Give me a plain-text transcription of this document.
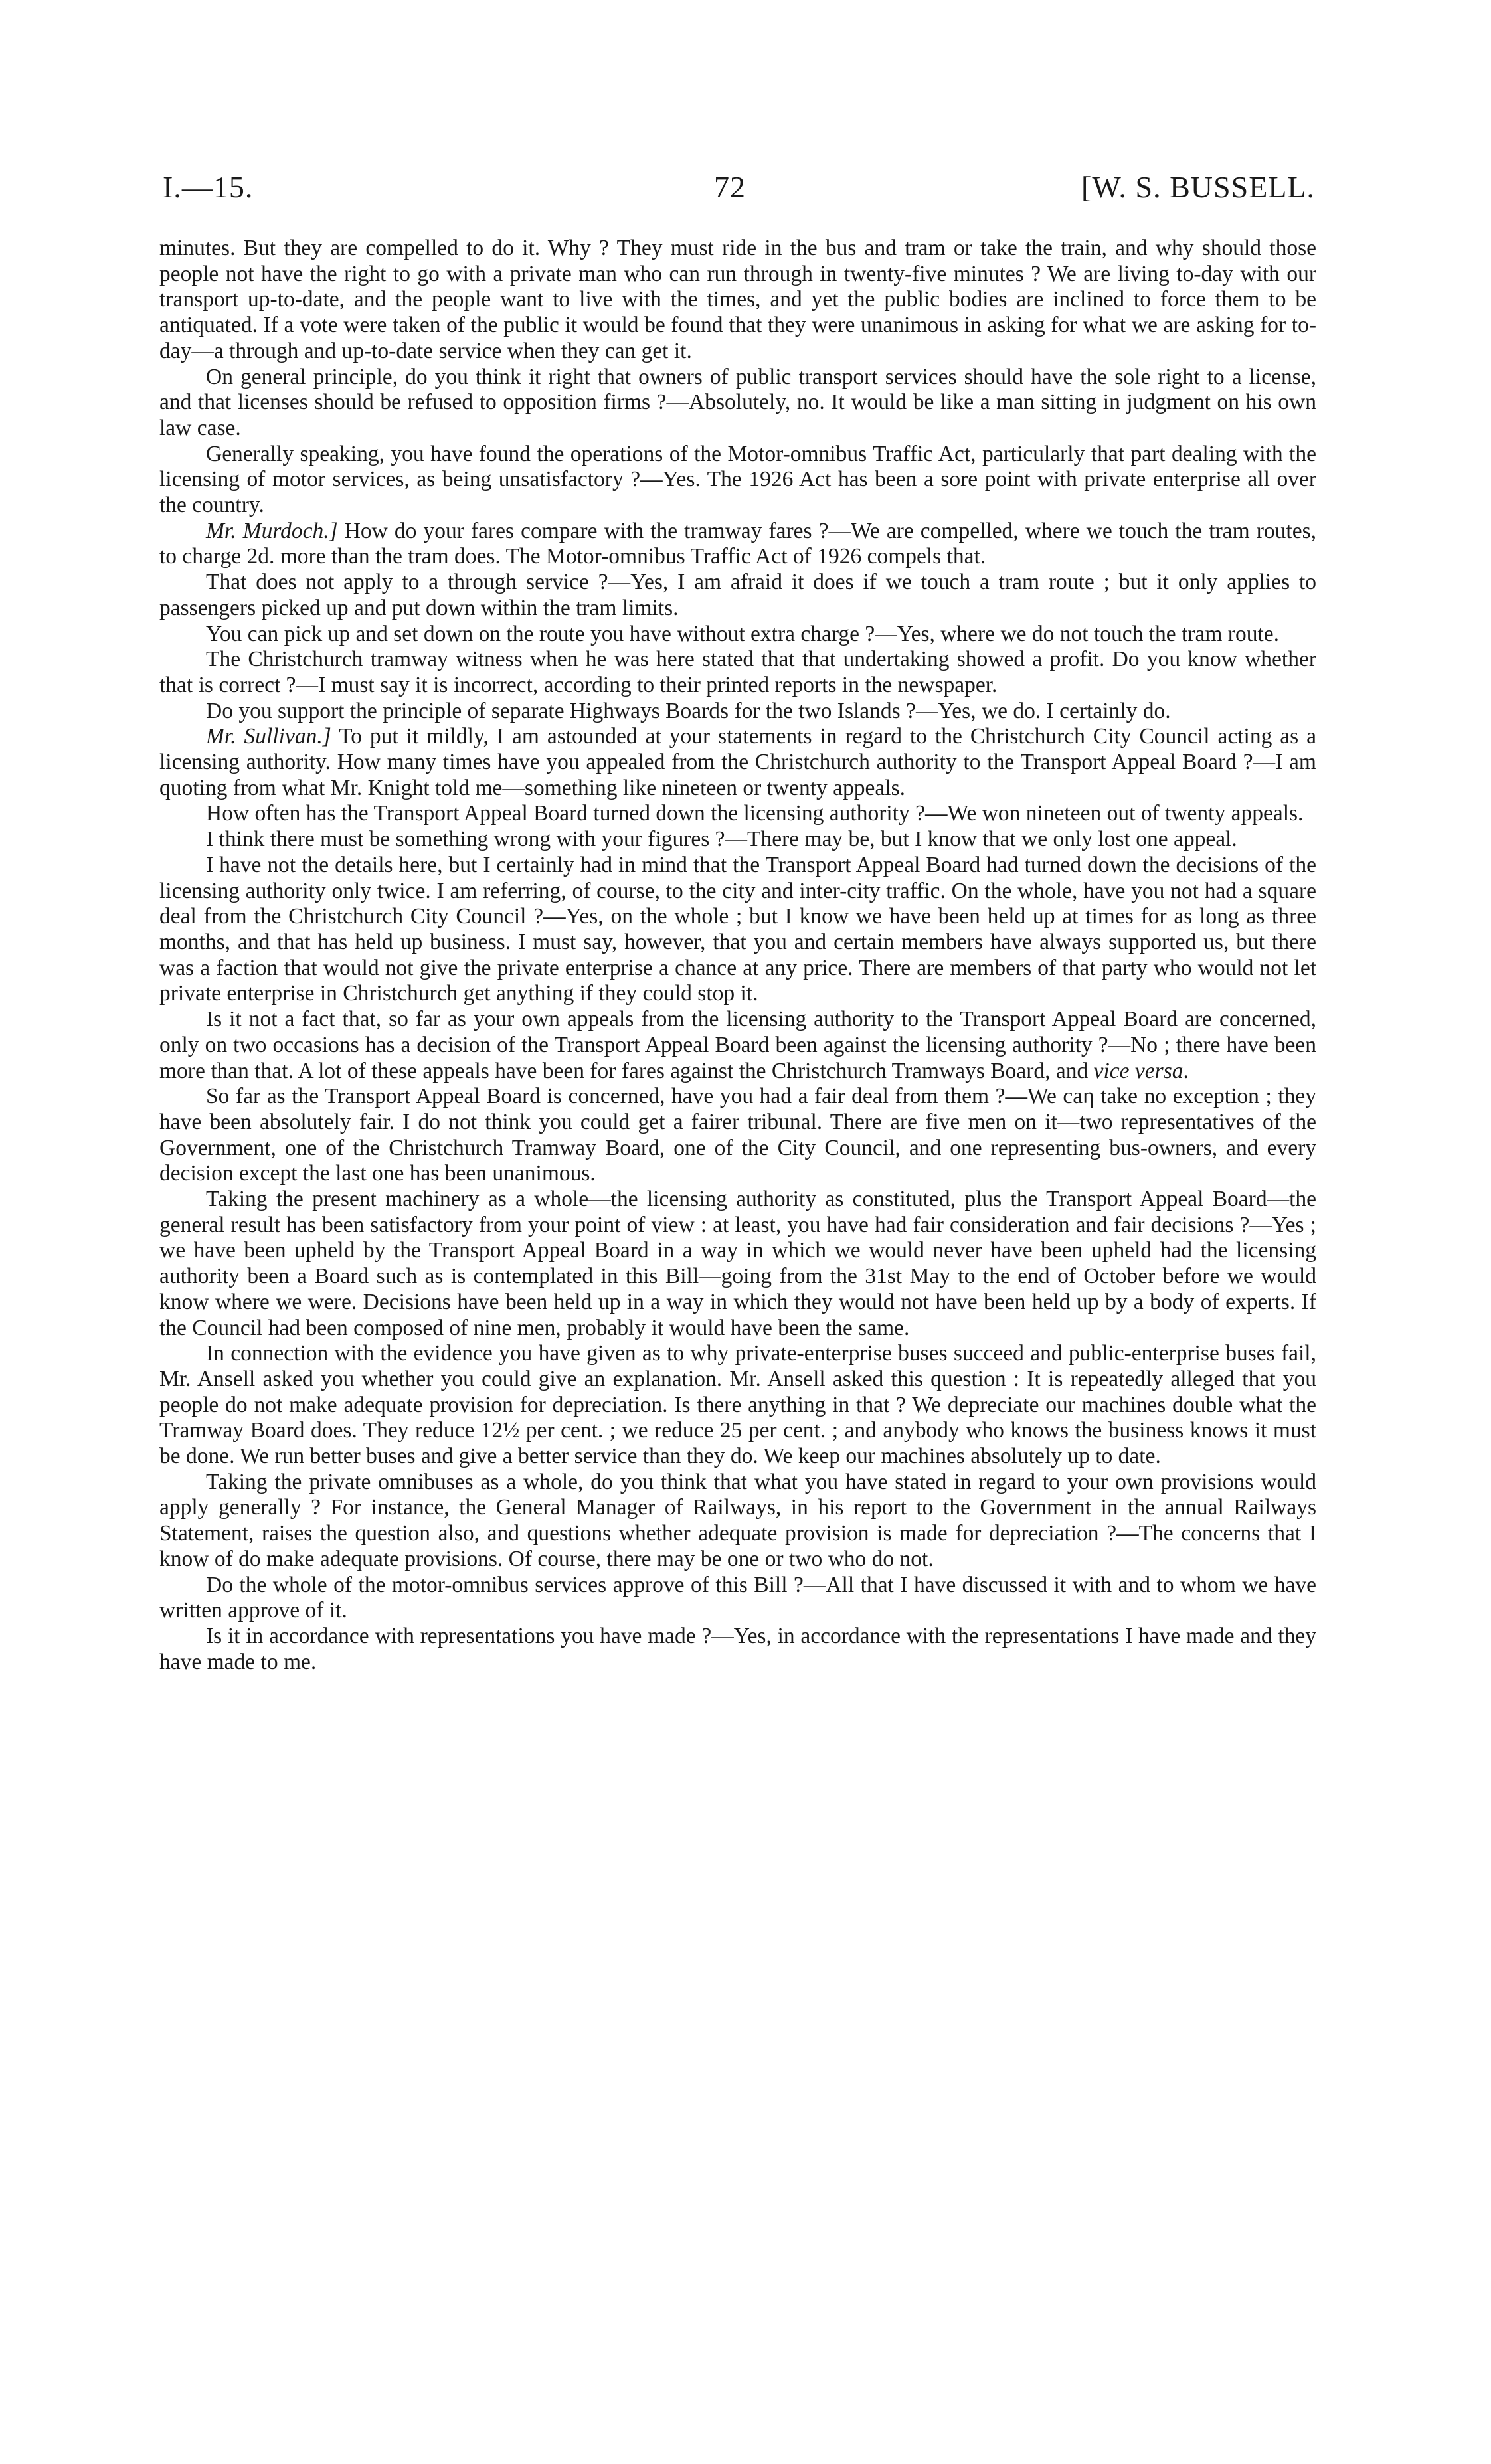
I.—15.	72	[W. S. BUSSELL.

minutes. But they are compelled to do it. Why ? They must ride in the bus and tram or take the train, and why should those people not have the right to go with a private man who can run through in twenty-five minutes ? We are living to-day with our transport up-to-date, and the people want to live with the times, and yet the public bodies are inclined to force them to be antiquated. If a vote were taken of the public it would be found that they were unanimous in asking for what we are asking for to-day—a through and up-to-date service when they can get it.

On general principle, do you think it right that owners of public transport services should have the sole right to a license, and that licenses should be refused to opposition firms ?—Absolutely, no. It would be like a man sitting in judgment on his own law case.

Generally speaking, you have found the operations of the Motor-omnibus Traffic Act, particularly that part dealing with the licensing of motor services, as being unsatisfactory ?—Yes. The 1926 Act has been a sore point with private enterprise all over the country.

Mr. Murdoch.] How do your fares compare with the tramway fares ?—We are compelled, where we touch the tram routes, to charge 2d. more than the tram does. The Motor-omnibus Traffic Act of 1926 compels that.

That does not apply to a through service ?—Yes, I am afraid it does if we touch a tram route ; but it only applies to passengers picked up and put down within the tram limits.

You can pick up and set down on the route you have without extra charge ?—Yes, where we do not touch the tram route.

The Christchurch tramway witness when he was here stated that that undertaking showed a profit. Do you know whether that is correct ?—I must say it is incorrect, according to their printed reports in the newspaper.

Do you support the principle of separate Highways Boards for the two Islands ?—Yes, we do. I certainly do.

Mr. Sullivan.] To put it mildly, I am astounded at your statements in regard to the Christchurch City Council acting as a licensing authority. How many times have you appealed from the Christchurch authority to the Transport Appeal Board ?—I am quoting from what Mr. Knight told me—something like nineteen or twenty appeals.

How often has the Transport Appeal Board turned down the licensing authority ?—We won nineteen out of twenty appeals.

I think there must be something wrong with your figures ?—There may be, but I know that we only lost one appeal.

I have not the details here, but I certainly had in mind that the Transport Appeal Board had turned down the decisions of the licensing authority only twice. I am referring, of course, to the city and inter-city traffic. On the whole, have you not had a square deal from the Christchurch City Council ?—Yes, on the whole ; but I know we have been held up at times for as long as three months, and that has held up business. I must say, however, that you and certain members have always supported us, but there was a faction that would not give the private enterprise a chance at any price. There are members of that party who would not let private enterprise in Christchurch get anything if they could stop it.

Is it not a fact that, so far as your own appeals from the licensing authority to the Transport Appeal Board are concerned, only on two occasions has a decision of the Transport Appeal Board been against the licensing authority ?—No ; there have been more than that. A lot of these appeals have been for fares against the Christchurch Tramways Board, and vice versa.

So far as the Transport Appeal Board is concerned, have you had a fair deal from them ?—We caη take no exception ; they have been absolutely fair. I do not think you could get a fairer tribunal. There are five men on it—two representatives of the Government, one of the Christchurch Tramway Board, one of the City Council, and one representing bus-owners, and every decision except the last one has been unanimous.

Taking the present machinery as a whole—the licensing authority as constituted, plus the Transport Appeal Board—the general result has been satisfactory from your point of view : at least, you have had fair consideration and fair decisions ?—Yes ; we have been upheld by the Transport Appeal Board in a way in which we would never have been upheld had the licensing authority been a Board such as is contemplated in this Bill—going from the 31st May to the end of October before we would know where we were. Decisions have been held up in a way in which they would not have been held up by a body of experts. If the Council had been composed of nine men, probably it would have been the same.

In connection with the evidence you have given as to why private-enterprise buses succeed and public-enterprise buses fail, Mr. Ansell asked you whether you could give an explanation. Mr. Ansell asked this question : It is repeatedly alleged that you people do not make adequate provision for depreciation. Is there anything in that ? We depreciate our machines double what the Tramway Board does. They reduce 12½ per cent. ; we reduce 25 per cent. ; and anybody who knows the business knows it must be done. We run better buses and give a better service than they do. We keep our machines absolutely up to date.

Taking the private omnibuses as a whole, do you think that what you have stated in regard to your own provisions would apply generally ? For instance, the General Manager of Railways, in his report to the Government in the annual Railways Statement, raises the question also, and questions whether adequate provision is made for depreciation ?—The concerns that I know of do make adequate provisions. Of course, there may be one or two who do not.

Do the whole of the motor-omnibus services approve of this Bill ?—All that I have discussed it with and to whom we have written approve of it.

Is it in accordance with representations you have made ?—Yes, in accordance with the representations I have made and they have made to me.
